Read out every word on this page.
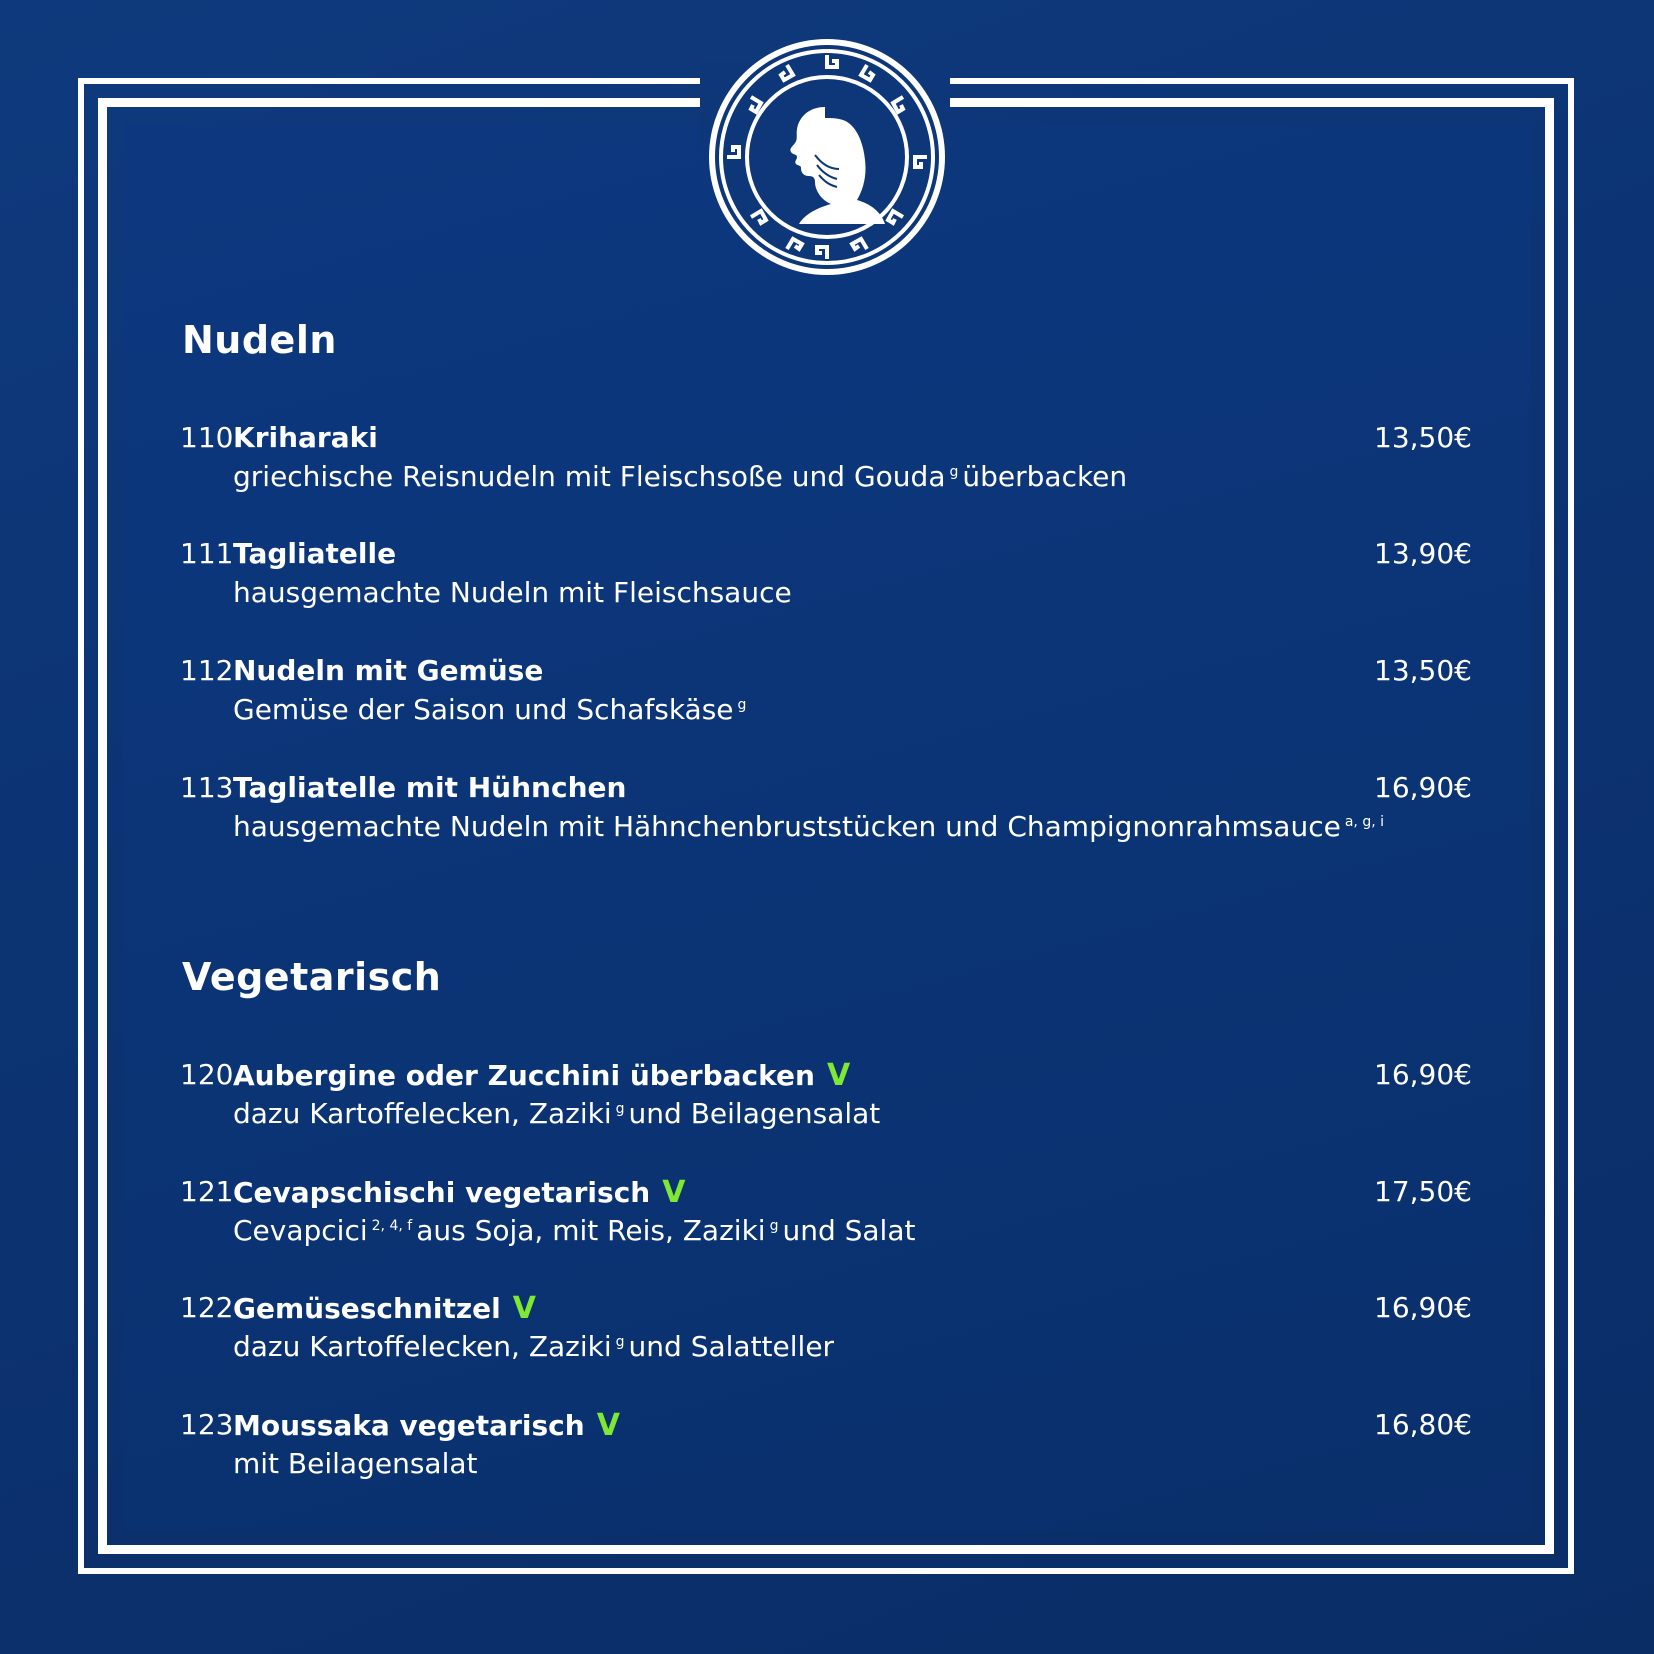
Nudeln
110 Kriharaki	13,50€
griechische Reisnudeln mit Fleischsoße und Gouda $^g$ überbacken
111 Tagliatelle	13,90€
hausgemachte Nudeln mit Fleischsauce
112 Nudeln mit Gemüse	13,50€
Gemüse der Saison und Schafskäse $^g$
113 Tagliatelle mit Hühnchen	16,90€
hausgemachte Nudeln mit Hähnchenbruststücken und Champignonrahmsauce $^{a, g, i}$
Vegetarisch
120 Aubergine oder Zucchini überbacken V	16,90€
dazu Kartoffelecken, Zaziki $^g$ und Beilagensalat
121 Cevapschischi vegetarisch V	17,50€
Cevapcici $^{2, 4, f}$ aus Soja, mit Reis, Zaziki $^g$ und Salat
122 Gemüseschnitzel V	16,90€
dazu Kartoffelecken, Zaziki $^g$ und Salatteller
123 Moussaka vegetarisch V	16,80€
mit Beilagensalat
